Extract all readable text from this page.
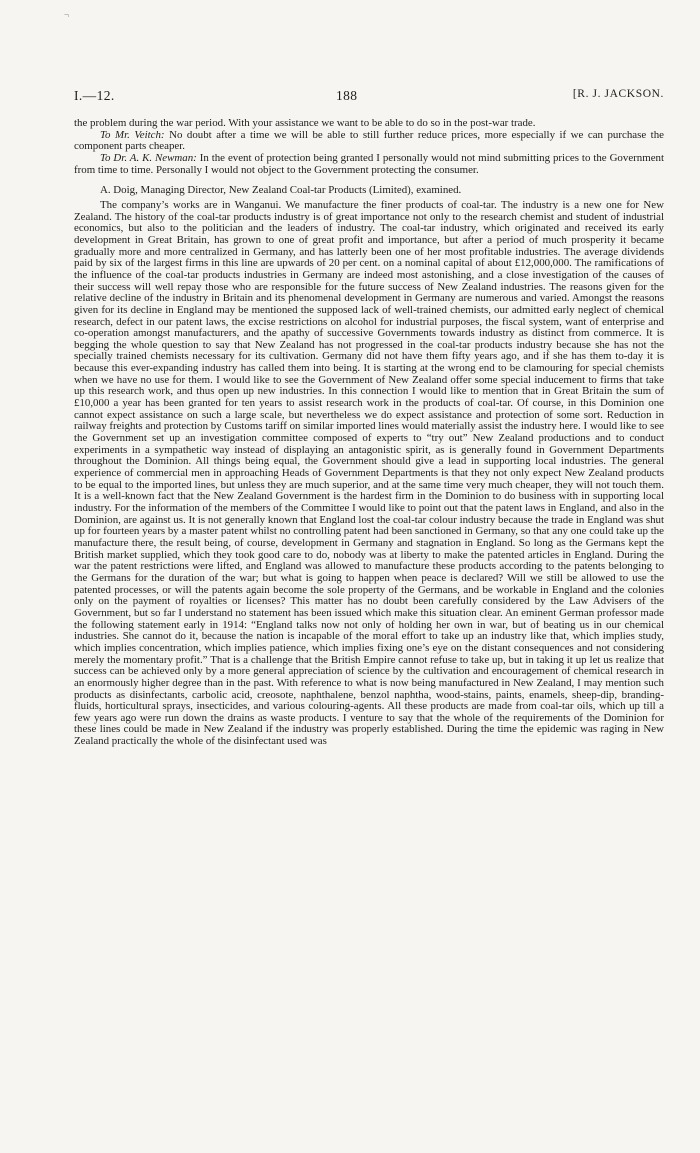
¬
I.—12.	188	[R. J. JACKSON.

the problem during the war period. With your assistance we want to be able to do so in the post-war trade.

To Mr. Veitch: No doubt after a time we will be able to still further reduce prices, more especially if we can purchase the component parts cheaper.

To Dr. A. K. Newman: In the event of protection being granted I personally would not mind submitting prices to the Government from time to time. Personally I would not object to the Government protecting the consumer.

A. Doig, Managing Director, New Zealand Coal-tar Products (Limited), examined.

The company’s works are in Wanganui. We manufacture the finer products of coal-tar. The industry is a new one for New Zealand. The history of the coal-tar products industry is of great importance not only to the research chemist and student of industrial economics, but also to the politician and the leaders of industry. The coal-tar industry, which originated and received its early development in Great Britain, has grown to one of great profit and importance, but after a period of much prosperity it became gradually more and more centralized in Germany, and has latterly been one of her most profitable industries. The average dividends paid by six of the largest firms in this line are upwards of 20 per cent. on a nominal capital of about £12,000,000. The ramifications of the influence of the coal-tar products industries in Germany are indeed most astonishing, and a close investigation of the causes of their success will well repay those who are responsible for the future success of New Zealand industries. The reasons given for the relative decline of the industry in Britain and its phenomenal development in Germany are numerous and varied. Amongst the reasons given for its decline in England may be mentioned the supposed lack of well-trained chemists, our admitted early neglect of chemical research, defect in our patent laws, the excise restrictions on alcohol for industrial purposes, the fiscal system, want of enterprise and co-operation amongst manufacturers, and the apathy of successive Governments towards industry as distinct from commerce. It is begging the whole question to say that New Zealand has not progressed in the coal-tar products industry because she has not the specially trained chemists necessary for its cultivation. Germany did not have them fifty years ago, and if she has them to-day it is because this ever-expanding industry has called them into being. It is starting at the wrong end to be clamouring for special chemists when we have no use for them. I would like to see the Government of New Zealand offer some special inducement to firms that take up this research work, and thus open up new industries. In this connection I would like to mention that in Great Britain the sum of £10,000 a year has been granted for ten years to assist research work in the products of coal-tar. Of course, in this Dominion one cannot expect assistance on such a large scale, but nevertheless we do expect assistance and protection of some sort. Reduction in railway freights and protection by Customs tariff on similar imported lines would materially assist the industry here. I would like to see the Government set up an investigation committee composed of experts to “try out” New Zealand productions and to conduct experiments in a sympathetic way instead of displaying an antagonistic spirit, as is generally found in Government Departments throughout the Dominion. All things being equal, the Government should give a lead in supporting local industries. The general experience of commercial men in approaching Heads of Government Departments is that they not only expect New Zealand products to be equal to the imported lines, but unless they are much superior, and at the same time very much cheaper, they will not touch them. It is a well-known fact that the New Zealand Government is the hardest firm in the Dominion to do business with in supporting local industry. For the information of the members of the Committee I would like to point out that the patent laws in England, and also in the Dominion, are against us. It is not generally known that England lost the coal-tar colour industry because the trade in England was shut up for fourteen years by a master patent whilst no controlling patent had been sanctioned in Germany, so that any one could take up the manufacture there, the result being, of course, development in Germany and stagnation in England. So long as the Germans kept the British market supplied, which they took good care to do, nobody was at liberty to make the patented articles in England. During the war the patent restrictions were lifted, and England was allowed to manufacture these products according to the patents belonging to the Germans for the duration of the war; but what is going to happen when peace is declared? Will we still be allowed to use the patented processes, or will the patents again become the sole property of the Germans, and be workable in England and the colonies only on the payment of royalties or licenses? This matter has no doubt been carefully considered by the Law Advisers of the Government, but so far I understand no statement has been issued which make this situation clear. An eminent German professor made the following statement early in 1914: “England talks now not only of holding her own in war, but of beating us in our chemical industries. She cannot do it, because the nation is incapable of the moral effort to take up an industry like that, which implies study, which implies concentration, which implies patience, which implies fixing one’s eye on the distant consequences and not considering merely the momentary profit.” That is a challenge that the British Empire cannot refuse to take up, but in taking it up let us realize that success can be achieved only by a more general appreciation of science by the cultivation and encouragement of chemical research in an enormously higher degree than in the past. With reference to what is now being manufactured in New Zealand, I may mention such products as disinfectants, carbolic acid, creosote, naphthalene, benzol naphtha, wood-stains, paints, enamels, sheep-dip, branding-fluids, horticultural sprays, insecticides, and various colouring-agents. All these products are made from coal-tar oils, which up till a few years ago were run down the drains as waste products. I venture to say that the whole of the requirements of the Dominion for these lines could be made in New Zealand if the industry was properly established. During the time the epidemic was raging in New Zealand practically the whole of the disinfectant used was
